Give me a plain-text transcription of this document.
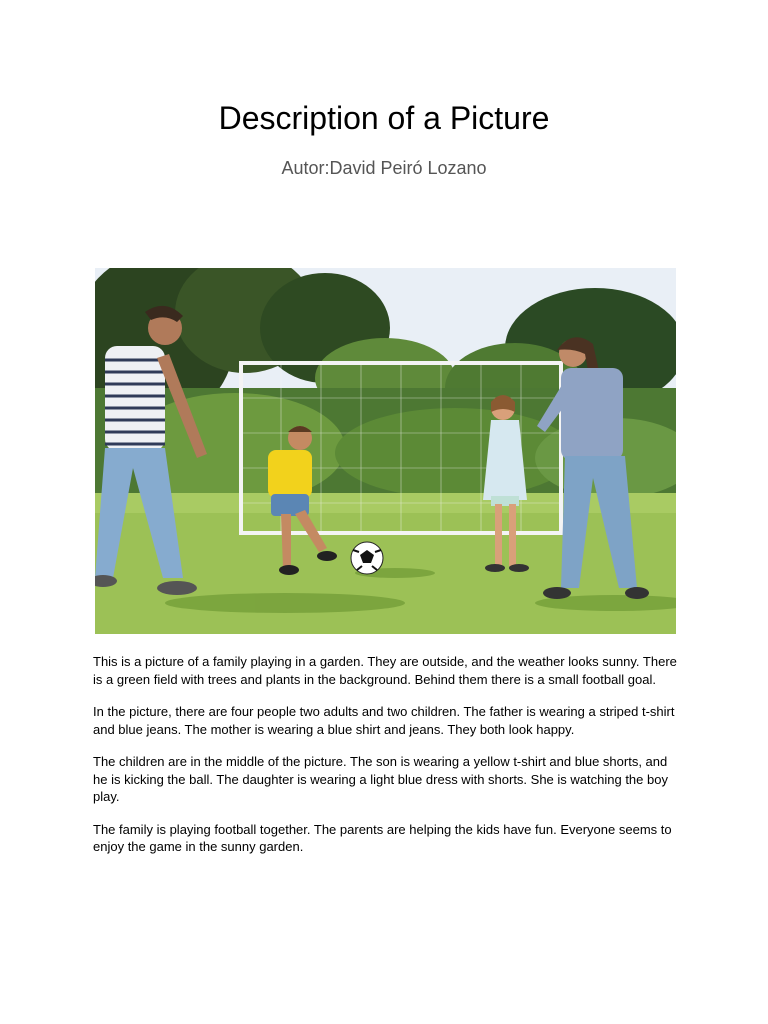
Description of a Picture
Autor:David Peiró Lozano

This is a picture of a family playing in a garden. They are outside, and the weather looks sunny. There is a green field with trees and plants in the background. Behind them there is a small football goal.

In the picture, there are four people two adults and two children. The father is wearing a striped t-shirt and blue jeans. The mother is wearing a blue shirt and jeans. They both look happy.

The children are in the middle of the picture. The son is wearing a yellow t-shirt and blue shorts, and he is kicking the ball. The daughter is wearing a light blue dress with shorts. She is watching the boy play.

The family is playing football together. The parents are helping the kids have fun. Everyone seems to enjoy the game in the sunny garden.
